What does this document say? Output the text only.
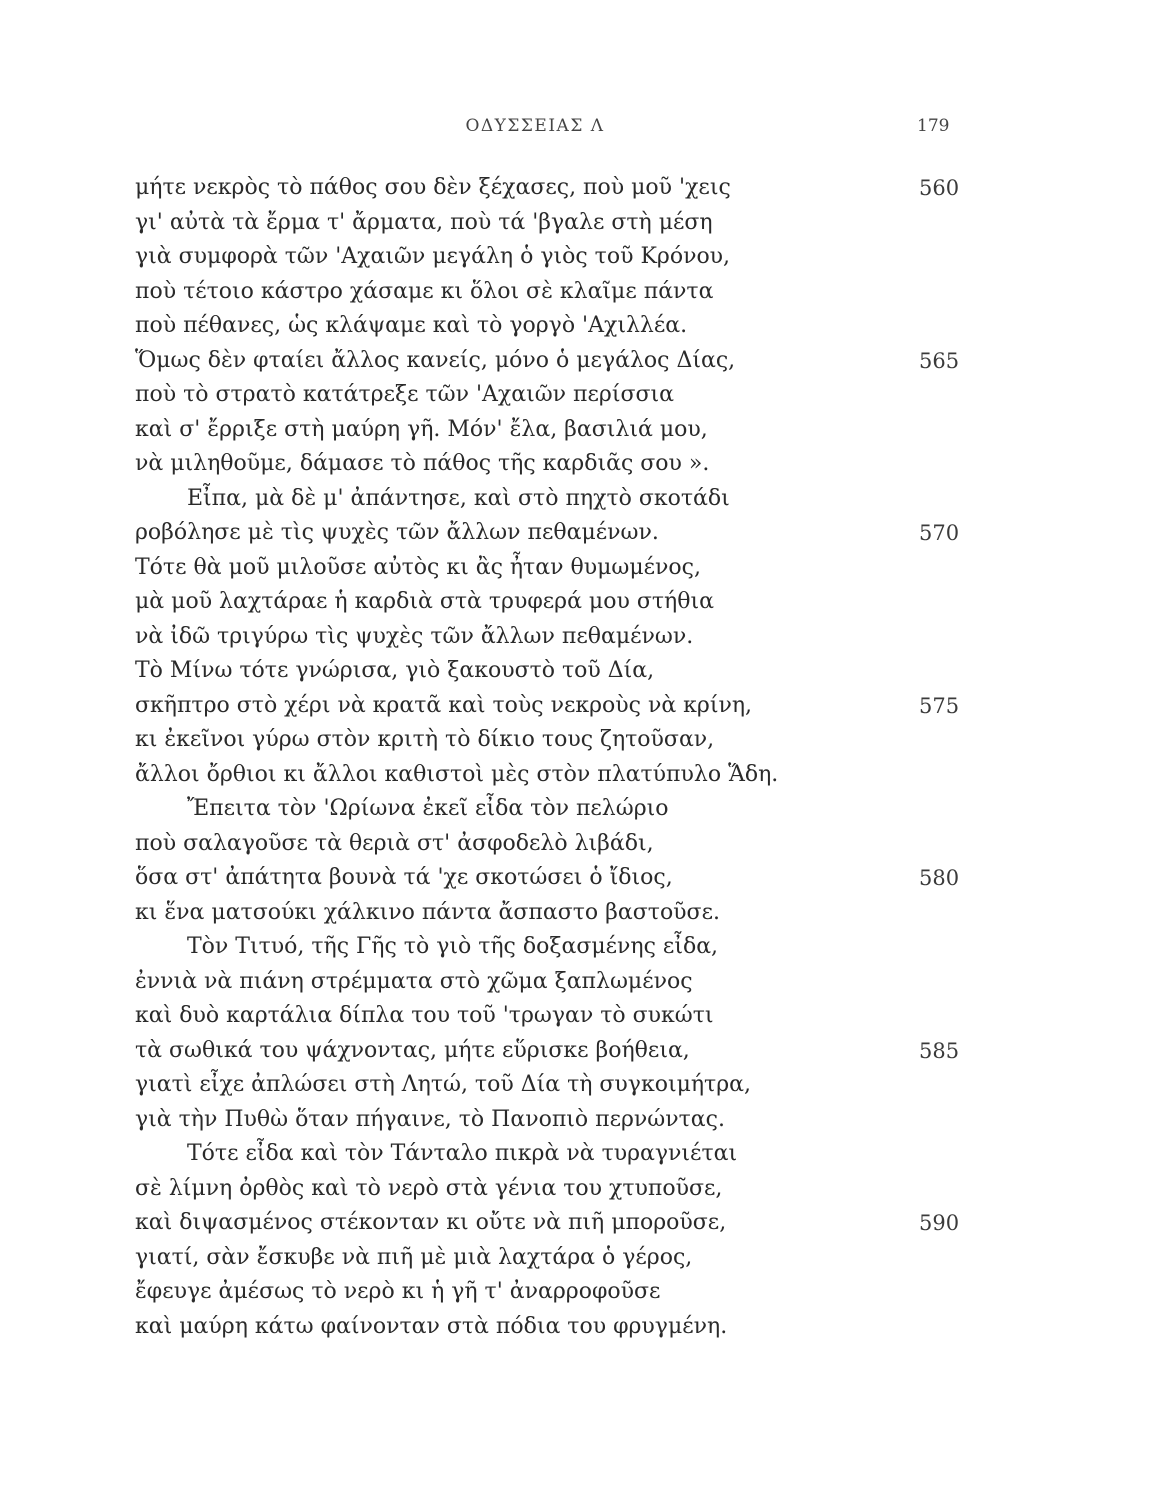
ΟΔΥΣΣΕΙΑΣ Λ	179
μήτε νεκρὸς τὸ πάθος σου δὲν ξέχασες, ποὺ μοῦ 'χεις	560
γι' αὐτὰ τὰ ἔρμα τ' ἄρματα, ποὺ τά 'βγαλε στὴ μέση
γιὰ συμφορὰ τῶν 'Αχαιῶν μεγάλη ὁ γιὸς τοῦ Κρόνου,
ποὺ τέτοιο κάστρο χάσαμε κι ὅλοι σὲ κλαῖμε πάντα
ποὺ πέθανες, ὡς κλάψαμε καὶ τὸ γοργὸ 'Αχιλλέα.
Ὅμως δὲν φταίει ἄλλος κανείς, μόνο ὁ μεγάλος Δίας,	565
ποὺ τὸ στρατὸ κατάτρεξε τῶν 'Αχαιῶν περίσσια
καὶ σ' ἔρριξε στὴ μαύρη γῆ. Μόν' ἔλα, βασιλιά μου,
νὰ μιληθοῦμε, δάμασε τὸ πάθος τῆς καρδιᾶς σου ».
Εἶπα, μὰ δὲ μ' ἀπάντησε, καὶ στὸ πηχτὸ σκοτάδι
ροβόλησε μὲ τὶς ψυχὲς τῶν ἄλλων πεθαμένων.	570
Τότε θὰ μοῦ μιλοῦσε αὐτὸς κι ἂς ἦταν θυμωμένος,
μὰ μοῦ λαχτάραε ἡ καρδιὰ στὰ τρυφερά μου στήθια
νὰ ἰδῶ τριγύρω τὶς ψυχὲς τῶν ἄλλων πεθαμένων.
Τὸ Μίνω τότε γνώρισα, γιὸ ξακουστὸ τοῦ Δία,
σκῆπτρο στὸ χέρι νὰ κρατᾶ καὶ τοὺς νεκροὺς νὰ κρίνη,	575
κι ἐκεῖνοι γύρω στὸν κριτὴ τὸ δίκιο τους ζητοῦσαν,
ἄλλοι ὄρθιοι κι ἄλλοι καθιστοὶ μὲς στὸν πλατύπυλο Ἅδη.
Ἔπειτα τὸν 'Ωρίωνα ἐκεῖ εἶδα τὸν πελώριο
ποὺ σαλαγοῦσε τὰ θεριὰ στ' ἀσφοδελὸ λιβάδι,
ὅσα στ' ἀπάτητα βουνὰ τά 'χε σκοτώσει ὁ ἴδιος,	580
κι ἕνα ματσούκι χάλκινο πάντα ἄσπαστο βαστοῦσε.
Τὸν Τιτυό, τῆς Γῆς τὸ γιὸ τῆς δοξασμένης εἶδα,
ἐννιὰ νὰ πιάνη στρέμματα στὸ χῶμα ξαπλωμένος
καὶ δυὸ καρτάλια δίπλα του τοῦ 'τρωγαν τὸ συκώτι
τὰ σωθικά του ψάχνοντας, μήτε εὕρισκε βοήθεια,	585
γιατὶ εἶχε ἀπλώσει στὴ Λητώ, τοῦ Δία τὴ συγκοιμήτρα,
γιὰ τὴν Πυθὼ ὅταν πήγαινε, τὸ Πανοπιὸ περνώντας.
Τότε εἶδα καὶ τὸν Τάνταλο πικρὰ νὰ τυραγνιέται
σὲ λίμνη ὀρθὸς καὶ τὸ νερὸ στὰ γένια του χτυποῦσε,
καὶ διψασμένος στέκονταν κι οὔτε νὰ πιῆ μποροῦσε,	590
γιατί, σὰν ἔσκυβε νὰ πιῆ μὲ μιὰ λαχτάρα ὁ γέρος,
ἔφευγε ἀμέσως τὸ νερὸ κι ἡ γῆ τ' ἀναρροφοῦσε
καὶ μαύρη κάτω φαίνονταν στὰ πόδια του φρυγμένη.
